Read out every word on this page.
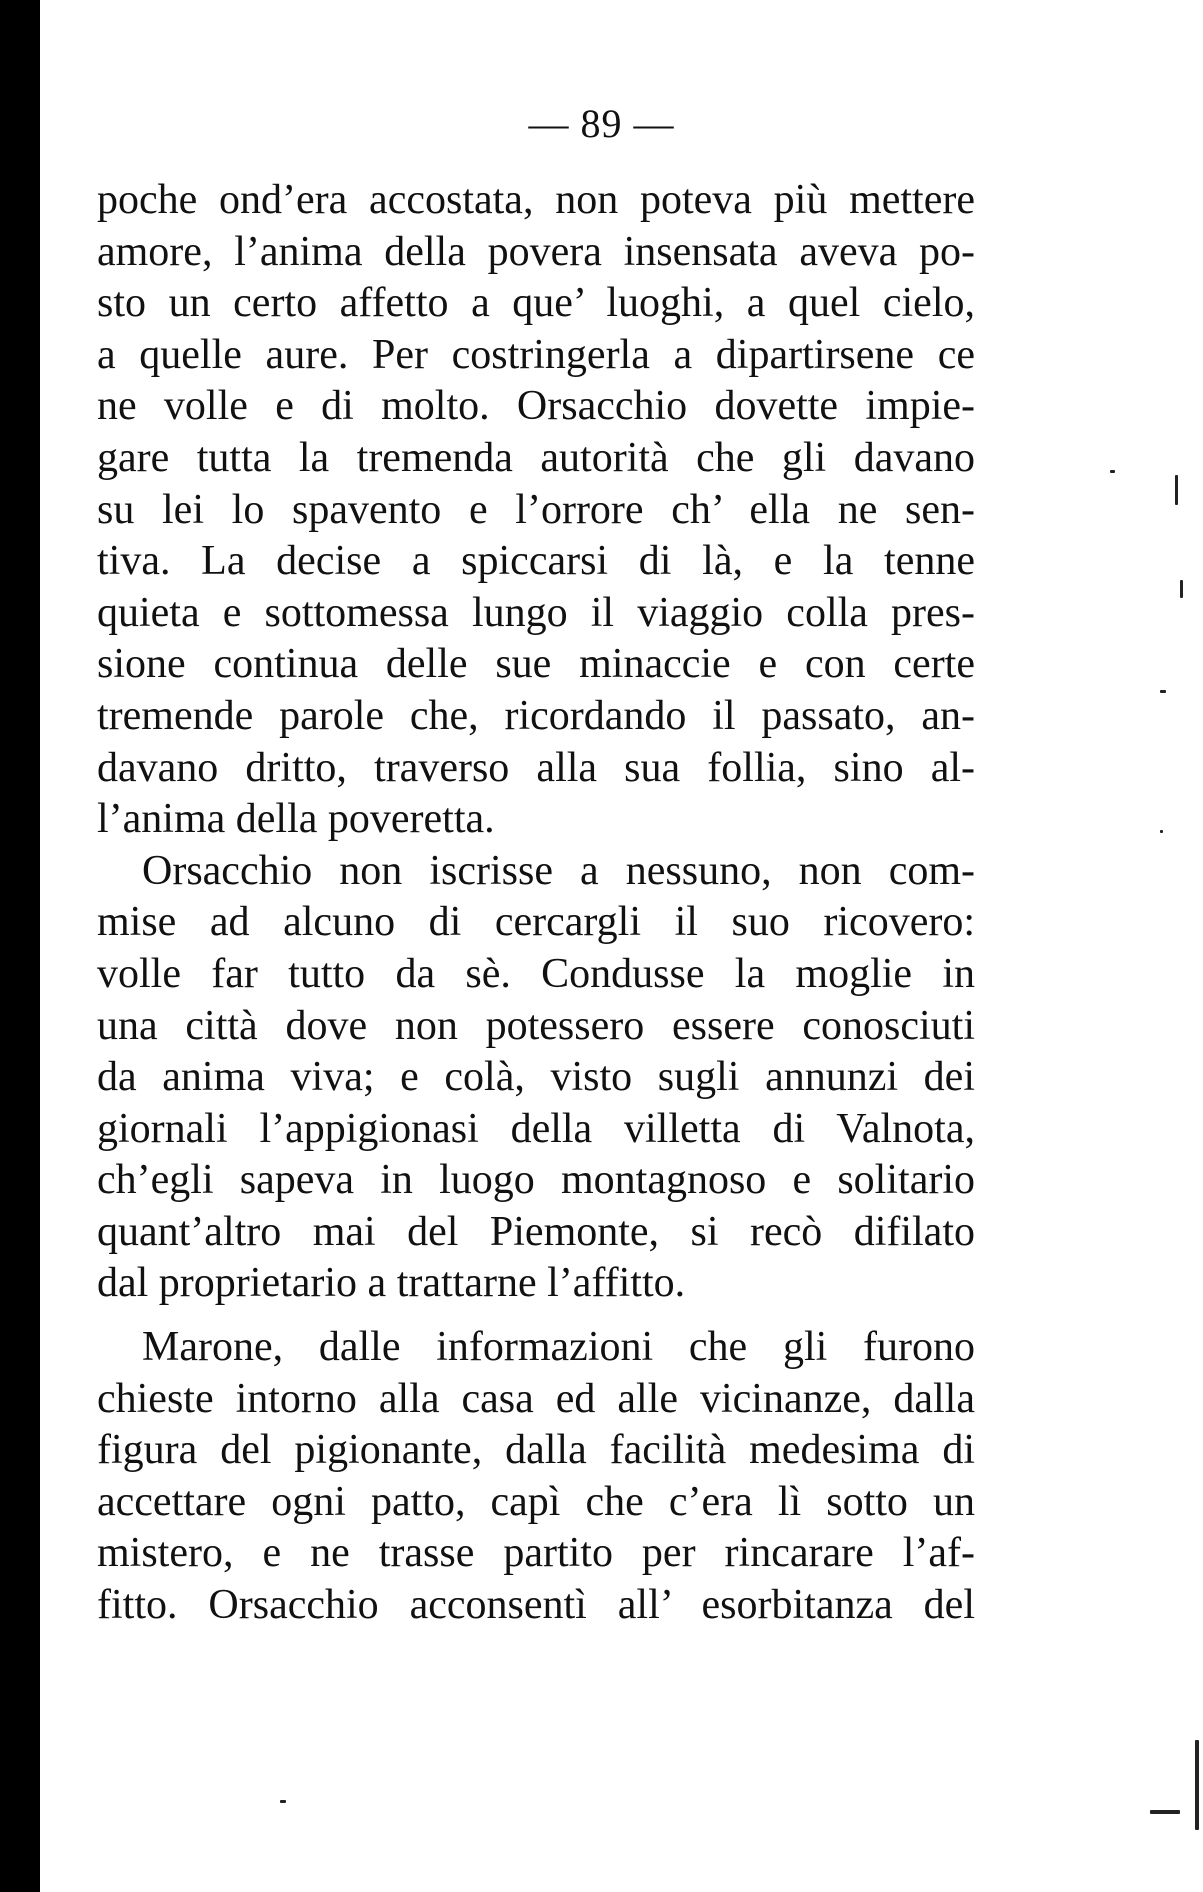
— 89 —
poche ond’era accostata, non poteva più mettere
amore, l’anima della povera insensata aveva po-
sto un certo affetto a que’ luoghi, a quel cielo,
a quelle aure. Per costringerla a dipartirsene ce
ne volle e di molto. Orsacchio dovette impie-
gare tutta la tremenda autorità che gli davano
su lei lo spavento e l’orrore ch’ ella ne sen-
tiva. La decise a spiccarsi di là, e la tenne
quieta e sottomessa lungo il viaggio colla pres-
sione continua delle sue minaccie e con certe
tremende parole che, ricordando il passato, an-
davano dritto, traverso alla sua follia, sino al-
l’anima della poveretta.
Orsacchio non iscrisse a nessuno, non com-
mise ad alcuno di cercargli il suo ricovero:
volle far tutto da sè. Condusse la moglie in
una città dove non potessero essere conosciuti
da anima viva; e colà, visto sugli annunzi dei
giornali l’appigionasi della villetta di Valnota,
ch’egli sapeva in luogo montagnoso e solitario
quant’altro mai del Piemonte, si recò difilato
dal proprietario a trattarne l’affitto.
Marone, dalle informazioni che gli furono
chieste intorno alla casa ed alle vicinanze, dalla
figura del pigionante, dalla facilità medesima di
accettare ogni patto, capì che c’era lì sotto un
mistero, e ne trasse partito per rincarare l’af-
fitto. Orsacchio acconsentì all’ esorbitanza del
